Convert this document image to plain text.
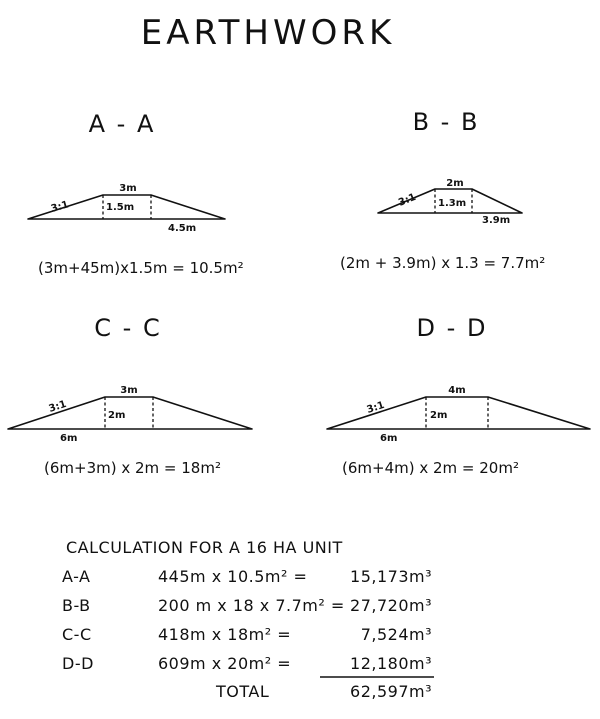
EARTHWORK
A - A
3m
1.5m
3:1
4.5m
(3m+45m)x1.5m = 10.5m²
B - B
2m
1.3m
3:1
3.9m
(2m + 3.9m) x 1.3 = 7.7m²
C - C
3m
2m
3:1
6m
(6m+3m) x 2m = 18m²
D - D
4m
2m
3:1
6m
(6m+4m) x 2m = 20m²
CALCULATION FOR A 16 HA UNIT
A-A	445m x 10.5m² =	15,173m³
B-B	200 m x 18 x 7.7m² = 27,720m³
C-C	418m x 18m² =	7,524m³
D-D	609m x 20m² =	12,180m³
TOTAL	62,597m³
